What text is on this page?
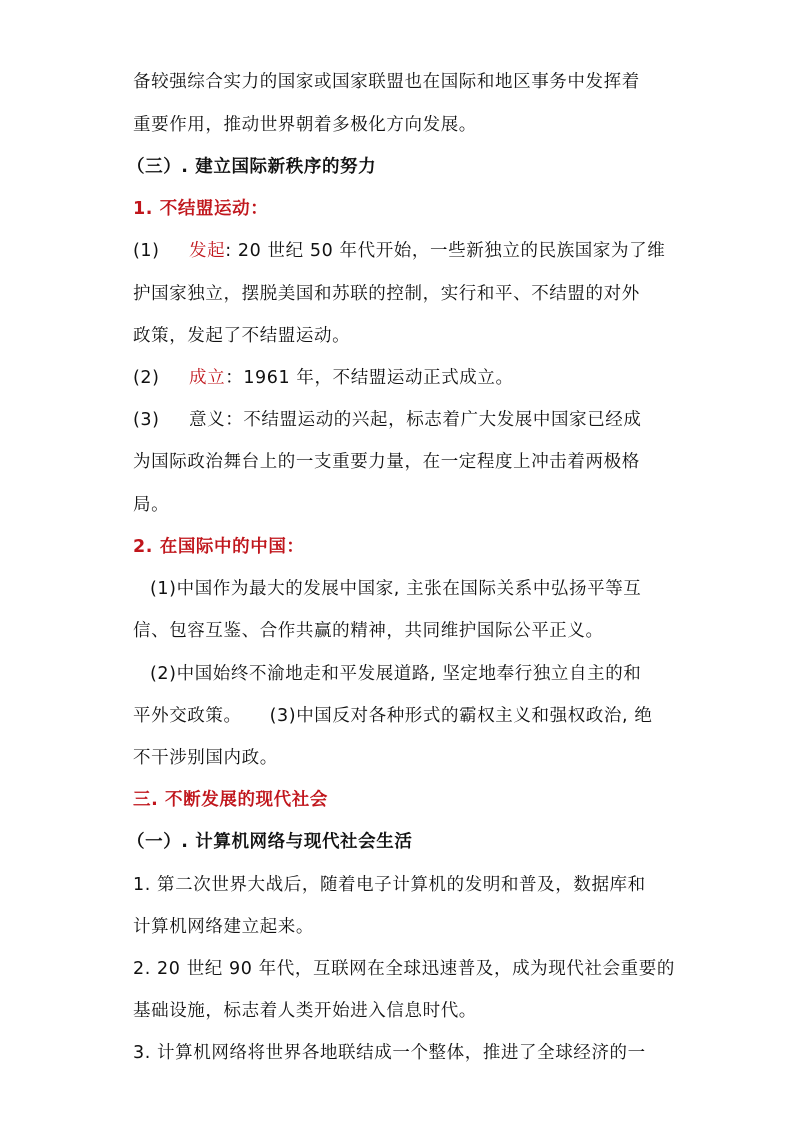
备较强综合实力的国家或国家联盟也在国际和地区事务中发挥着
重要作用，推动世界朝着多极化方向发展。
（三）. 建立国际新秩序的努力
1. 不结盟运动：
(1) 发起: 20 世纪 50 年代开始，一些新独立的民族国家为了维
护国家独立，摆脱美国和苏联的控制，实行和平、不结盟的对外
政策，发起了不结盟运动。
(2) 成立：1961 年，不结盟运动正式成立。
(3) 意义：不结盟运动的兴起，标志着广大发展中国家已经成
为国际政治舞台上的一支重要力量，在一定程度上冲击着两极格
局。
2. 在国际中的中国：
(1)中国作为最大的发展中国家, 主张在国际关系中弘扬平等互
信、包容互鉴、合作共赢的精神，共同维护国际公平正义。
(2)中国始终不渝地走和平发展道路, 坚定地奉行独立自主的和
平外交政策。 (3)中国反对各种形式的霸权主义和强权政治, 绝
不干涉别国内政。
三. 不断发展的现代社会
（一）. 计算机网络与现代社会生活
1. 第二次世界大战后，随着电子计算机的发明和普及，数据库和
计算机网络建立起来。
2. 20 世纪 90 年代，互联网在全球迅速普及，成为现代社会重要的
基础设施，标志着人类开始进入信息时代。
3. 计算机网络将世界各地联结成一个整体，推进了全球经济的一
